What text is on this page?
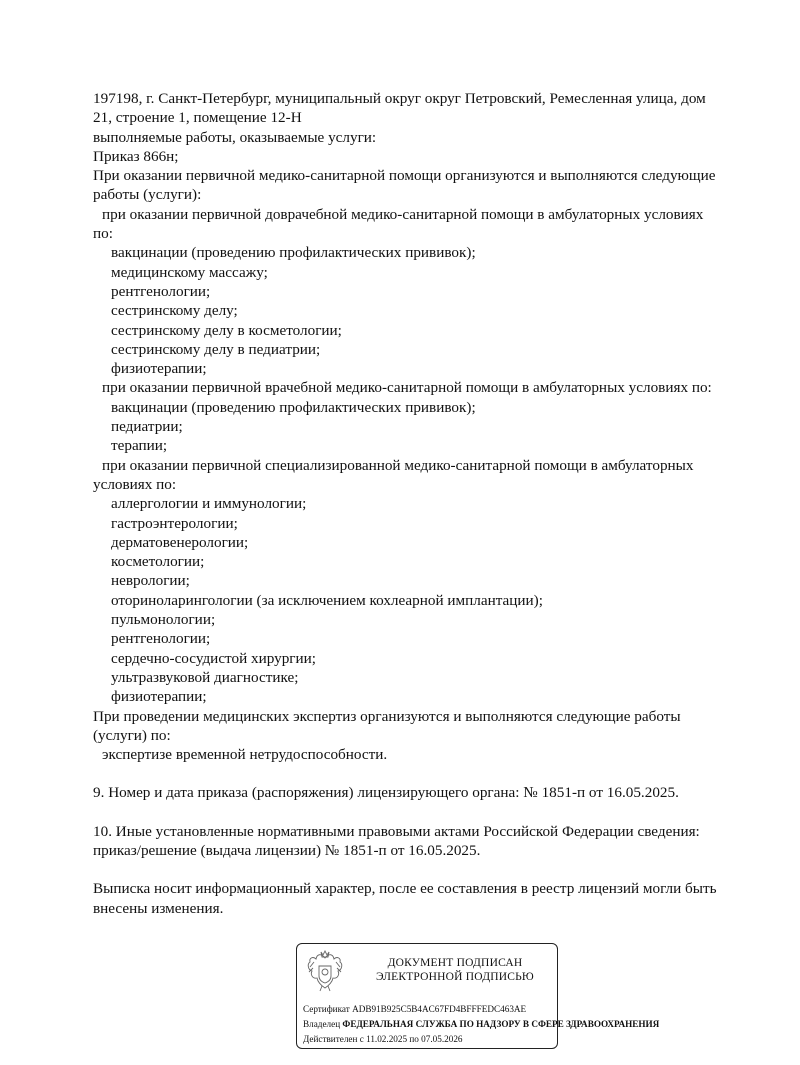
197198, г. Санкт-Петербург, муниципальный округ округ Петровский, Ремесленная улица, дом
21, строение 1, помещение 12-Н
выполняемые работы, оказываемые услуги:
Приказ 866н;
При оказании первичной медико-санитарной помощи организуются и выполняются следующие
работы (услуги):
при оказании первичной доврачебной медико-санитарной помощи в амбулаторных условиях
по:
вакцинации (проведению профилактических прививок);
медицинскому массажу;
рентгенологии;
сестринскому делу;
сестринскому делу в косметологии;
сестринскому делу в педиатрии;
физиотерапии;
при оказании первичной врачебной медико-санитарной помощи в амбулаторных условиях по:
вакцинации (проведению профилактических прививок);
педиатрии;
терапии;
при оказании первичной специализированной медико-санитарной помощи в амбулаторных
условиях по:
аллергологии и иммунологии;
гастроэнтерологии;
дерматовенерологии;
косметологии;
неврологии;
оториноларингологии (за исключением кохлеарной имплантации);
пульмонологии;
рентгенологии;
сердечно-сосудистой хирургии;
ультразвуковой диагностике;
физиотерапии;
При проведении медицинских экспертиз организуются и выполняются следующие работы
(услуги) по:
экспертизе временной нетрудоспособности.
9. Номер и дата приказа (распоряжения) лицензирующего органа: № 1851-п от 16.05.2025.
10. Иные установленные нормативными правовыми актами Российской Федерации сведения:
приказ/решение (выдача лицензии) № 1851-п от 16.05.2025.
Выписка носит информационный характер, после ее составления в реестр лицензий могли быть
внесены изменения.
ДОКУМЕНТ ПОДПИСАН
ЭЛЕКТРОННОЙ ПОДПИСЬЮ
Сертификат ADB91B925C5B4AC67FD4BFFFEDC463AE
Владелец ФЕДЕРАЛЬНАЯ СЛУЖБА ПО НАДЗОРУ В СФЕРЕ ЗДРАВООХРАНЕНИЯ
Действителен с 11.02.2025 по 07.05.2026
